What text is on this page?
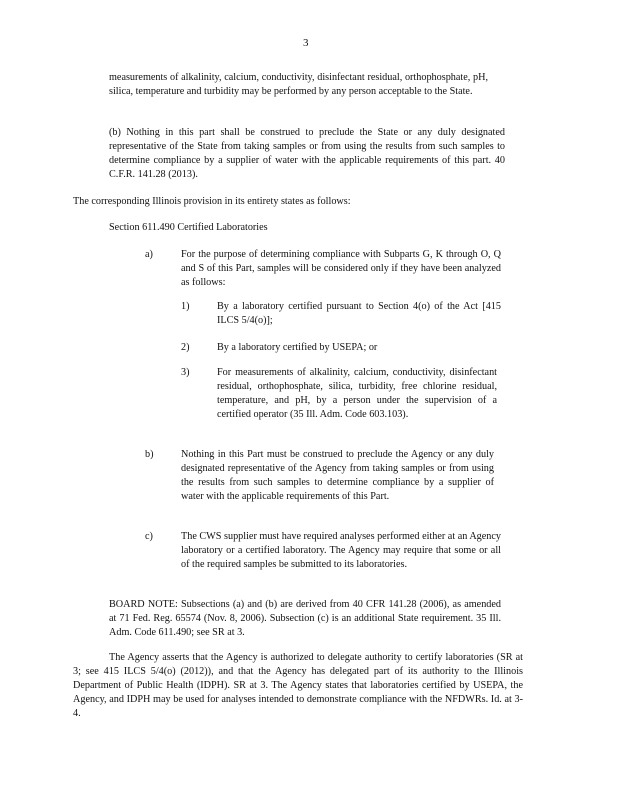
3
measurements of alkalinity, calcium, conductivity, disinfectant residual, orthophosphate, pH, silica, temperature and turbidity may be performed by any person acceptable to the State.
(b) Nothing in this part shall be construed to preclude the State or any duly designated representative of the State from taking samples or from using the results from such samples to determine compliance by a supplier of water with the applicable requirements of this part. 40 C.F.R. 141.28 (2013).
The corresponding Illinois provision in its entirety states as follows:
Section 611.490 Certified Laboratories
a)	For the purpose of determining compliance with Subparts G, K through O, Q and S of this Part, samples will be considered only if they have been analyzed as follows:
1)	By a laboratory certified pursuant to Section 4(o) of the Act [415 ILCS 5/4(o)];
2)	By a laboratory certified by USEPA; or
3)	For measurements of alkalinity, calcium, conductivity, disinfectant residual, orthophosphate, silica, turbidity, free chlorine residual, temperature, and pH, by a person under the supervision of a certified operator (35 Ill. Adm. Code 603.103).
b)	Nothing in this Part must be construed to preclude the Agency or any duly designated representative of the Agency from taking samples or from using the results from such samples to determine compliance by a supplier of water with the applicable requirements of this Part.
c)	The CWS supplier must have required analyses performed either at an Agency laboratory or a certified laboratory. The Agency may require that some or all of the required samples be submitted to its laboratories.
BOARD NOTE: Subsections (a) and (b) are derived from 40 CFR 141.28 (2006), as amended at 71 Fed. Reg. 65574 (Nov. 8, 2006). Subsection (c) is an additional State requirement. 35 Ill. Adm. Code 611.490; see SR at 3.
The Agency asserts that the Agency is authorized to delegate authority to certify laboratories (SR at 3; see 415 ILCS 5/4(o) (2012)), and that the Agency has delegated part of its authority to the Illinois Department of Public Health (IDPH). SR at 3. The Agency states that laboratories certified by USEPA, the Agency, and IDPH may be used for analyses intended to demonstrate compliance with the NFDWRs. Id. at 3-4.
